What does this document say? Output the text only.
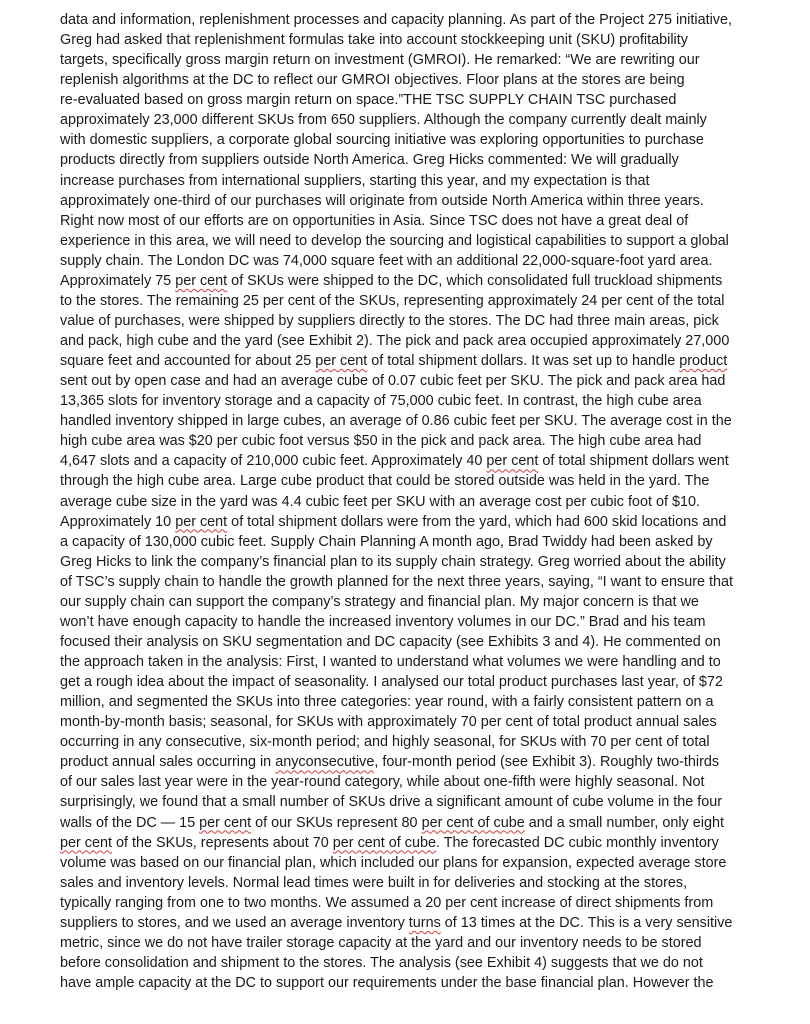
data and information, replenishment processes and capacity planning. As part of the Project 275 initiative,
Greg had asked that replenishment formulas take into account stockkeeping unit (SKU) profitability
targets, specifically gross margin return on investment (GMROI). He remarked: “We are rewriting our
replenish algorithms at the DC to reflect our GMROI objectives. Floor plans at the stores are being
re-evaluated based on gross margin return on space.”THE TSC SUPPLY CHAIN TSC purchased
approximately 23,000 different SKUs from 650 suppliers. Although the company currently dealt mainly
with domestic suppliers, a corporate global sourcing initiative was exploring opportunities to purchase
products directly from suppliers outside North America. Greg Hicks commented: We will gradually
increase purchases from international suppliers, starting this year, and my expectation is that
approximately one-third of our purchases will originate from outside North America within three years.
Right now most of our efforts are on opportunities in Asia. Since TSC does not have a great deal of
experience in this area, we will need to develop the sourcing and logistical capabilities to support a global
supply chain. The London DC was 74,000 square feet with an additional 22,000-square-foot yard area.
Approximately 75 per cent of SKUs were shipped to the DC, which consolidated full truckload shipments
to the stores. The remaining 25 per cent of the SKUs, representing approximately 24 per cent of the total
value of purchases, were shipped by suppliers directly to the stores. The DC had three main areas, pick
and pack, high cube and the yard (see Exhibit 2). The pick and pack area occupied approximately 27,000
square feet and accounted for about 25 per cent of total shipment dollars. It was set up to handle product
sent out by open case and had an average cube of 0.07 cubic feet per SKU. The pick and pack area had
13,365 slots for inventory storage and a capacity of 75,000 cubic feet. In contrast, the high cube area
handled inventory shipped in large cubes, an average of 0.86 cubic feet per SKU. The average cost in the
high cube area was $20 per cubic foot versus $50 in the pick and pack area. The high cube area had
4,647 slots and a capacity of 210,000 cubic feet. Approximately 40 per cent of total shipment dollars went
through the high cube area. Large cube product that could be stored outside was held in the yard. The
average cube size in the yard was 4.4 cubic feet per SKU with an average cost per cubic foot of $10.
Approximately 10 per cent of total shipment dollars were from the yard, which had 600 skid locations and
a capacity of 130,000 cubic feet. Supply Chain Planning A month ago, Brad Twiddy had been asked by
Greg Hicks to link the company’s financial plan to its supply chain strategy. Greg worried about the ability
of TSC’s supply chain to handle the growth planned for the next three years, saying, “I want to ensure that
our supply chain can support the company’s strategy and financial plan. My major concern is that we
won’t have enough capacity to handle the increased inventory volumes in our DC.” Brad and his team
focused their analysis on SKU segmentation and DC capacity (see Exhibits 3 and 4). He commented on
the approach taken in the analysis: First, I wanted to understand what volumes we were handling and to
get a rough idea about the impact of seasonality. I analysed our total product purchases last year, of $72
million, and segmented the SKUs into three categories: year round, with a fairly consistent pattern on a
month-by-month basis; seasonal, for SKUs with approximately 70 per cent of total product annual sales
occurring in any consecutive, six-month period; and highly seasonal, for SKUs with 70 per cent of total
product annual sales occurring in anyconsecutive, four-month period (see Exhibit 3). Roughly two-thirds
of our sales last year were in the year-round category, while about one-fifth were highly seasonal. Not
surprisingly, we found that a small number of SKUs drive a significant amount of cube volume in the four
walls of the DC — 15 per cent of our SKUs represent 80 per cent of cube and a small number, only eight
per cent of the SKUs, represents about 70 per cent of cube. The forecasted DC cubic monthly inventory
volume was based on our financial plan, which included our plans for expansion, expected average store
sales and inventory levels. Normal lead times were built in for deliveries and stocking at the stores,
typically ranging from one to two months. We assumed a 20 per cent increase of direct shipments from
suppliers to stores, and we used an average inventory turns of 13 times at the DC. This is a very sensitive
metric, since we do not have trailer storage capacity at the yard and our inventory needs to be stored
before consolidation and shipment to the stores. The analysis (see Exhibit 4) suggests that we do not
have ample capacity at the DC to support our requirements under the base financial plan. However the
